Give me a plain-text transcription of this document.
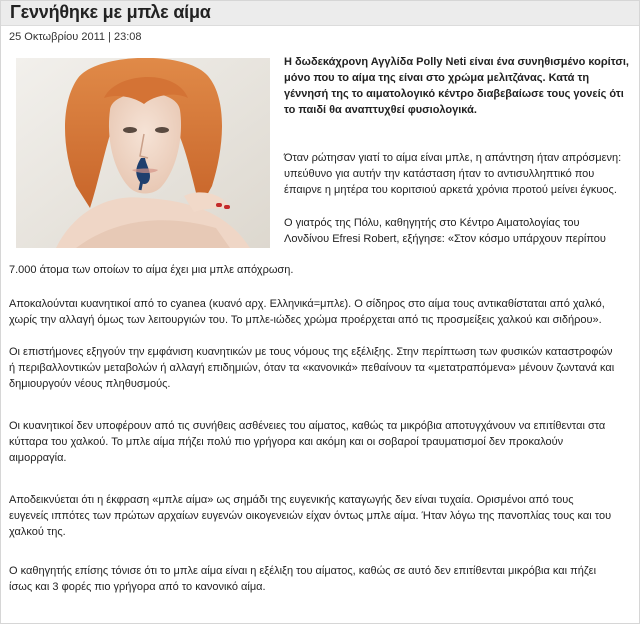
Γεννήθηκε με μπλε αίμα
25 Οκτωβρίου 2011 | 23:08
Η δωδεκάχρονη Αγγλίδα Polly Neti είναι ένα συνηθισμένο κορίτσι,
μόνο που το αίμα της είναι στο χρώμα μελιτζάνας. Κατά τη
γέννησή της το αιματολογικό κέντρο διαβεβαίωσε τους γονείς ότι
το παιδί θα αναπτυχθεί φυσιολογικά.
Όταν ρώτησαν γιατί το αίμα είναι μπλε, η απάντηση ήταν απρόσμενη:
υπεύθυνο για αυτήν την κατάσταση ήταν το αντισυλληπτικό που
έπαιρνε η μητέρα του κοριτσιού αρκετά χρόνια προτού μείνει έγκυος.
Ο γιατρός της Πόλυ, καθηγητής στο Κέντρο Αιματολογίας του
Λονδίνου Efresi Robert, εξήγησε: «Στον κόσμο υπάρχουν περίπου
7.000 άτομα των οποίων το αίμα έχει μια μπλε απόχρωση.
Αποκαλούνται κυανητικοί από το cyanea (κυανό αρχ. Ελληνικά=μπλε). Ο σίδηρος στο αίμα τους αντικαθίσταται από χαλκό,
χωρίς την αλλαγή όμως των λειτουργιών του. Το μπλε-ιώδες χρώμα προέρχεται από τις προσμείξεις χαλκού και σιδήρου».
Οι επιστήμονες εξηγούν την εμφάνιση κυανητικών με τους νόμους της εξέλιξης. Στην περίπτωση των φυσικών καταστροφών
ή περιβαλλοντικών μεταβολών ή αλλαγή επιδημιών, όταν τα «κανονικά» πεθαίνουν τα «μετατραπόμενα» μένουν ζωντανά και
δημιουργούν νέους πληθυσμούς.
Οι κυανητικοί δεν υποφέρουν από τις συνήθεις ασθένειες του αίματος, καθώς τα μικρόβια αποτυγχάνουν να επιτίθενται στα
κύτταρα του χαλκού. Το μπλε αίμα πήζει πολύ πιο γρήγορα και ακόμη και οι σοβαροί τραυματισμοί δεν προκαλούν
αιμορραγία.
Αποδεικνύεται ότι η έκφραση «μπλε αίμα» ως σημάδι της ευγενικής καταγωγής δεν είναι τυχαία. Ορισμένοι από τους
ευγενείς ιππότες των πρώτων αρχαίων ευγενών οικογενειών είχαν όντως μπλε αίμα. Ήταν λόγω της πανοπλίας τους και του
χαλκού της.
Ο καθηγητής επίσης τόνισε ότι το μπλε αίμα είναι η εξέλιξη του αίματος, καθώς σε αυτό δεν επιτίθενται μικρόβια και πήζει
ίσως και 3 φορές πιο γρήγορα από το κανονικό αίμα.
